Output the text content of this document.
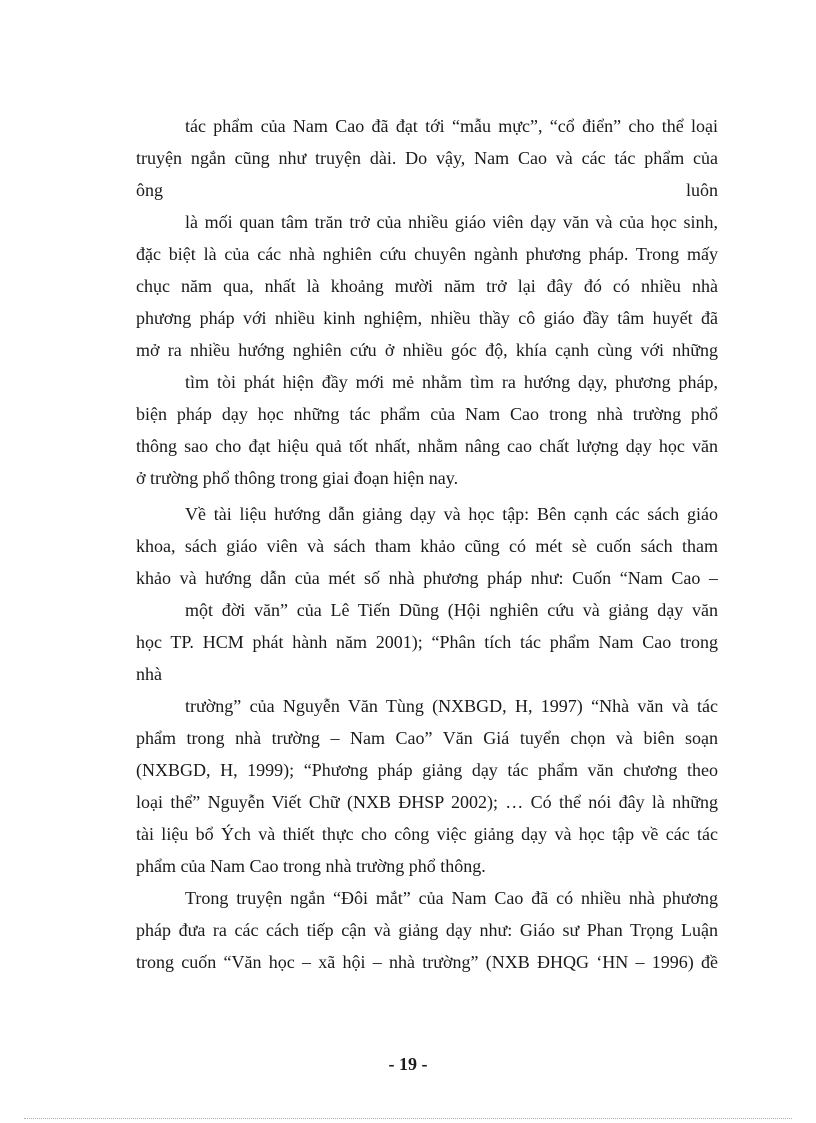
tác phẩm của Nam Cao đã đạt tới “mẫu mực”, “cổ điển” cho thể loại
truyện ngắn cũng như truyện dài. Do vậy, Nam Cao và các tác phẩm của
ông	luôn
là mối quan tâm trăn trở của nhiều giáo viên dạy văn và của học sinh,
đặc biệt là của các nhà nghiên cứu chuyên ngành phương pháp. Trong mấy
chục năm qua, nhất là khoảng mười năm trở lại đây đó có nhiều nhà
phương pháp với nhiều kinh nghiệm, nhiều thầy cô giáo đầy tâm huyết đã
mở ra nhiều hướng nghiên cứu ở nhiều góc độ, khía cạnh cùng với những
tìm tòi phát hiện đầy mới mẻ nhằm tìm ra hướng dạy, phương pháp,
biện pháp dạy học những tác phẩm của Nam Cao trong nhà trường phổ
thông sao cho đạt hiệu quả tốt nhất, nhằm nâng cao chất lượng dạy học văn
ở trường phổ thông trong giai đoạn hiện nay.
Về tài liệu hướng dẫn giảng dạy và học tập: Bên cạnh các sách giáo
khoa, sách giáo viên và sách tham khảo cũng có mét sè cuốn sách tham
khảo và hướng dẫn của mét số nhà phương pháp như: Cuốn “Nam Cao –
một đời văn” của Lê Tiến Dũng (Hội nghiên cứu và giảng dạy văn
học TP. HCM phát hành năm 2001); “Phân tích tác phẩm Nam Cao trong
nhà
trường” của Nguyễn Văn Tùng (NXBGD, H, 1997) “Nhà văn và tác
phẩm trong nhà trường – Nam Cao” Văn Giá tuyển chọn và biên soạn
(NXBGD, H, 1999); “Phương pháp giảng dạy tác phẩm văn chương theo
loại thể” Nguyễn Viết Chữ (NXB ĐHSP 2002); … Có thể nói đây là những
tài liệu bổ Ých và thiết thực cho công việc giảng dạy và học tập về các tác
phẩm của Nam Cao trong nhà trường phổ thông.
Trong truyện ngắn “Đôi mắt” của Nam Cao đã có nhiều nhà phương
pháp đưa ra các cách tiếp cận và giảng dạy như: Giáo sư Phan Trọng Luận
trong cuốn “Văn học – xã hội – nhà trường” (NXB ĐHQG ‘HN – 1996) đề
- 19 -
